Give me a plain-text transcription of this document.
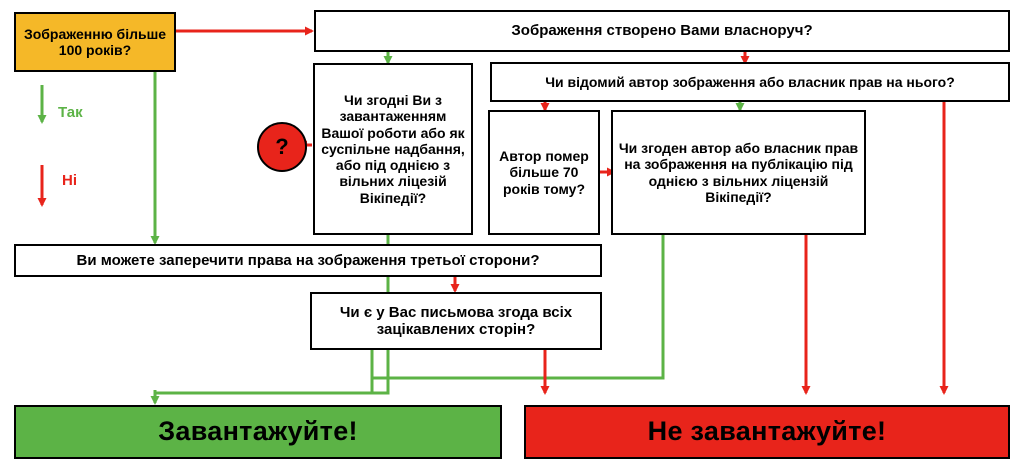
Зображенню більше 100 років?
Зображення створено Вами власноруч?
Чи відомий автор зображення або власник прав на нього?
Чи згодні Ви з завантаженням Вашої роботи або як суспільне надбання, або під однією з вільних ліцезій Вікіпедії?
Автор помер більше 70 років тому?
Чи згоден автор або власник прав на зображення на публікацію під однією з вільних ліцензій Вікіпедії?
Ви можете заперечити права на зображення третьої сторони?
Чи є у Вас письмова згода всіх зацікавлених сторін?
?
Завантажуйте!	Не завантажуйте!
Так
Ні
